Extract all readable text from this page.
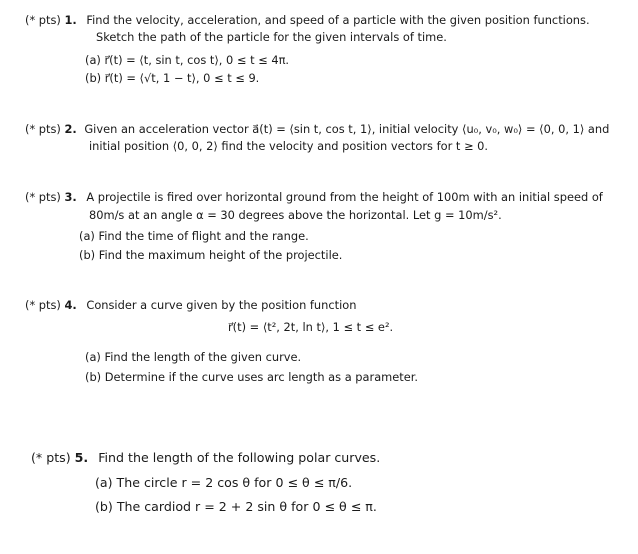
(* pts) 1. Find the velocity, acceleration, and speed of a particle with the given position functions.
Sketch the path of the particle for the given intervals of time.
(a) r⃗(t) = ⟨t, sin t, cos t⟩, 0 ≤ t ≤ 4π.
(b) r⃗(t) = ⟨√t, 1 − t⟩, 0 ≤ t ≤ 9.
(* pts) 2. Given an acceleration vector a⃗(t) = ⟨sin t, cos t, 1⟩, initial velocity ⟨u₀, v₀, w₀⟩ = ⟨0, 0, 1⟩ and
initial position ⟨0, 0, 2⟩ find the velocity and position vectors for t ≥ 0.
(* pts) 3. A projectile is fired over horizontal ground from the height of 100m with an initial speed of
80m/s at an angle α = 30 degrees above the horizontal. Let g = 10m/s².
(a) Find the time of flight and the range.
(b) Find the maximum height of the projectile.
(* pts) 4. Consider a curve given by the position function
r⃗(t) = ⟨t², 2t, ln t⟩, 1 ≤ t ≤ e².
(a) Find the length of the given curve.
(b) Determine if the curve uses arc length as a parameter.
(* pts) 5. Find the length of the following polar curves.
(a) The circle r = 2 cos θ for 0 ≤ θ ≤ π/6.
(b) The cardiod r = 2 + 2 sin θ for 0 ≤ θ ≤ π.
